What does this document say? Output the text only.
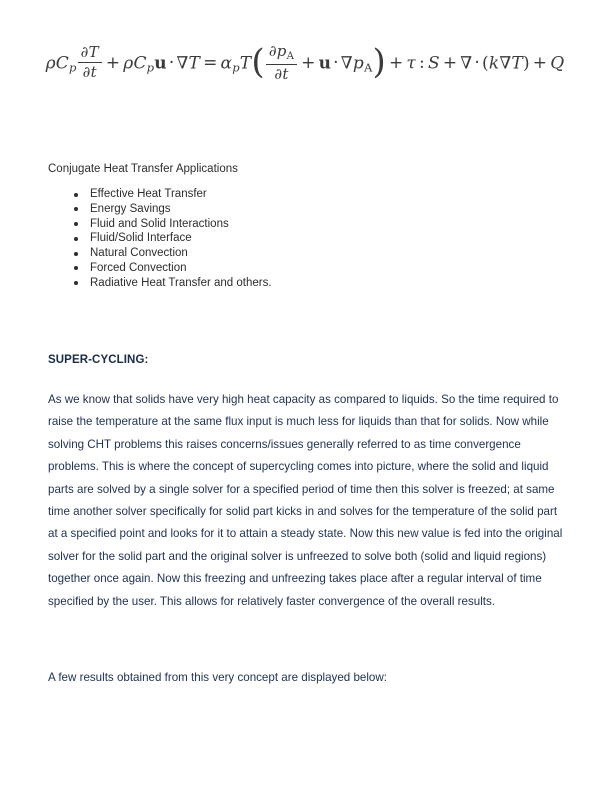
$\rho C_p \frac{\partial T}{\partial t} + \rho C_pu \cdot \nabla T = \alpha_pT( \frac{\partial pA}{\partial t} + u \cdot \nabla pA) + \tau$ : S + ∇ · (k∇T) + Q
Conjugate Heat Transfer Applications
Effective Heat Transfer
Energy Savings
Fluid and Solid Interactions
Fluid/Solid Interface
Natural Convection
Forced Convection
Radiative Heat Transfer and others.
SUPER-CYCLING:
As we know that solids have very high heat capacity as compared to liquids. So the time required to raise the temperature at the same flux input is much less for liquids than that for solids. Now while solving CHT problems this raises concerns/issues generally referred to as time convergence problems. This is where the concept of supercycling comes into picture, where the solid and liquid parts are solved by a single solver for a specified period of time then this solver is freezed; at same time another solver specifically for solid part kicks in and solves for the temperature of the solid part at a specified point and looks for it to attain a steady state. Now this new value is fed into the original solver for the solid part and the original solver is unfreezed to solve both (solid and liquid regions) together once again. Now this freezing and unfreezing takes place after a regular interval of time specified by the user. This allows for relatively faster convergence of the overall results.
A few results obtained from this very concept are displayed below:
